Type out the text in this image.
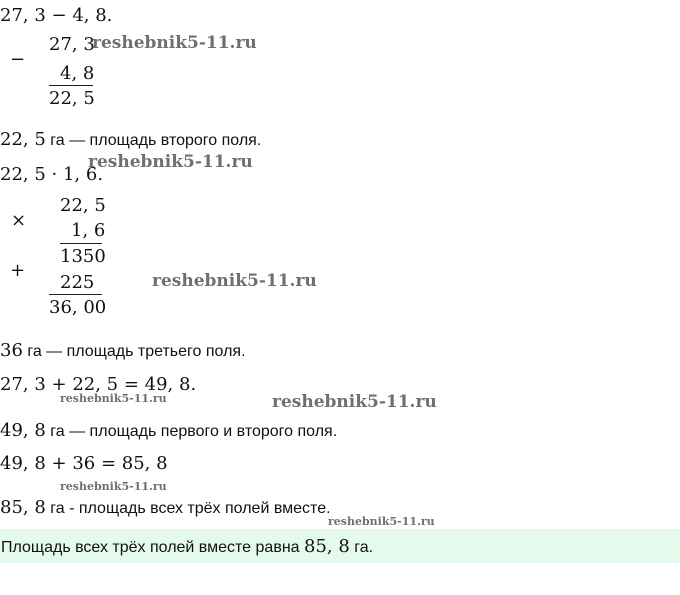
27, 3 − 4, 8.
−
27, 3
4, 8
22, 5
22, 5 га — площадь второго поля.
22, 5 · 1, 6.
×
22, 5
1, 6
1350
+
225
36, 00
36 га — площадь третьего поля.
27, 3 + 22, 5 = 49, 8.
49, 8 га — площадь первого и второго поля.
49, 8 + 36 = 85, 8
85, 8 га - площадь всех трёх полей вместе.
Площадь всех трёх полей вместе равна 85, 8 га.
reshebnik5-11.ru
reshebnik5-11.ru
reshebnik5-11.ru
reshebnik5-11.ru	reshebnik5-11.ru
reshebnik5-11.ru
reshebnik5-11.ru
